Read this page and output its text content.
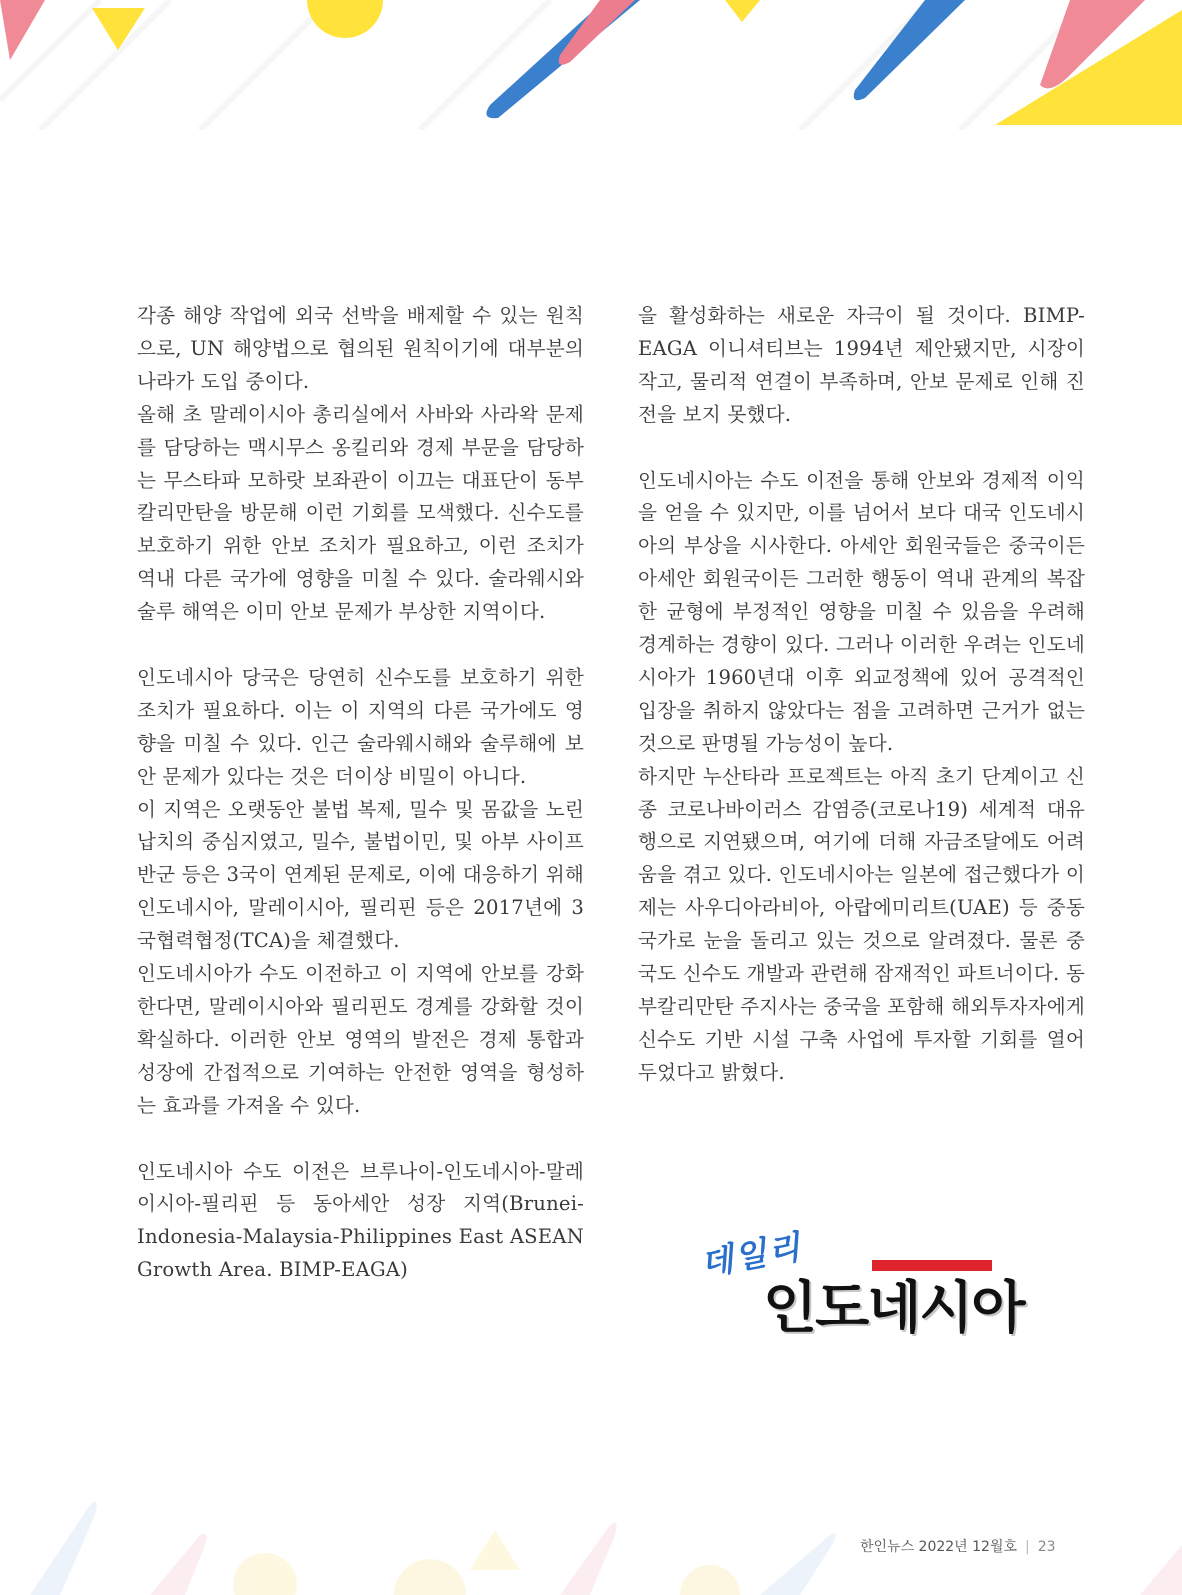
각종 해양 작업에 외국 선박을 배제할 수 있는 원칙으로, UN 해양법으로 협의된 원칙이기에 대부분의 나라가 도입 중이다.

올해 초 말레이시아 총리실에서 사바와 사라왁 문제를 담당하는 맥시무스 옹킬리와 경제 부문을 담당하는 무스타파 모하랏 보좌관이 이끄는 대표단이 동부 칼리만탄을 방문해 이런 기회를 모색했다. 신수도를 보호하기 위한 안보 조치가 필요하고, 이런 조치가 역내 다른 국가에 영향을 미칠 수 있다. 술라웨시와 술루 해역은 이미 안보 문제가 부상한 지역이다.

인도네시아 당국은 당연히 신수도를 보호하기 위한 조치가 필요하다. 이는 이 지역의 다른 국가에도 영향을 미칠 수 있다. 인근 술라웨시해와 술루해에 보안 문제가 있다는 것은 더이상 비밀이 아니다.

이 지역은 오랫동안 불법 복제, 밀수 및 몸값을 노린 납치의 중심지였고, 밀수, 불법이민, 및 아부 사이프 반군 등은 3국이 연계된 문제로, 이에 대응하기 위해 인도네시아, 말레이시아, 필리핀 등은 2017년에 3국협력협정(TCA)을 체결했다.

인도네시아가 수도 이전하고 이 지역에 안보를 강화한다면, 말레이시아와 필리핀도 경계를 강화할 것이 확실하다. 이러한 안보 영역의 발전은 경제 통합과 성장에 간접적으로 기여하는 안전한 영역을 형성하는 효과를 가져올 수 있다.

인도네시아 수도 이전은 브루나이-인도네시아-말레이시아-필리핀 등 동아세안 성장 지역(Brunei-Indonesia-Malaysia-Philippines East ASEAN Growth Area. BIMP-EAGA)

을 활성화하는 새로운 자극이 될 것이다. BIMP-EAGA 이니셔티브는 1994년 제안됐지만, 시장이 작고, 물리적 연결이 부족하며, 안보 문제로 인해 진전을 보지 못했다.

인도네시아는 수도 이전을 통해 안보와 경제적 이익을 얻을 수 있지만, 이를 넘어서 보다 대국 인도네시아의 부상을 시사한다. 아세안 회원국들은 중국이든 아세안 회원국이든 그러한 행동이 역내 관계의 복잡한 균형에 부정적인 영향을 미칠 수 있음을 우려해 경계하는 경향이 있다. 그러나 이러한 우려는 인도네시아가 1960년대 이후 외교정책에 있어 공격적인 입장을 취하지 않았다는 점을 고려하면 근거가 없는 것으로 판명될 가능성이 높다.

하지만 누산타라 프로젝트는 아직 초기 단계이고 신종 코로나바이러스 감염증(코로나19) 세계적 대유행으로 지연됐으며, 여기에 더해 자금조달에도 어려움을 겪고 있다. 인도네시아는 일본에 접근했다가 이제는 사우디아라비아, 아랍에미리트(UAE) 등 중동 국가로 눈을 돌리고 있는 것으로 알려졌다. 물론 중국도 신수도 개발과 관련해 잠재적인 파트너이다. 동부칼리만탄 주지사는 중국을 포함해 해외투자자에게 신수도 기반 시설 구축 사업에 투자할 기회를 열어 두었다고 밝혔다.

데일리
인도네시아
한인뉴스 2022년 12월호 | 23
